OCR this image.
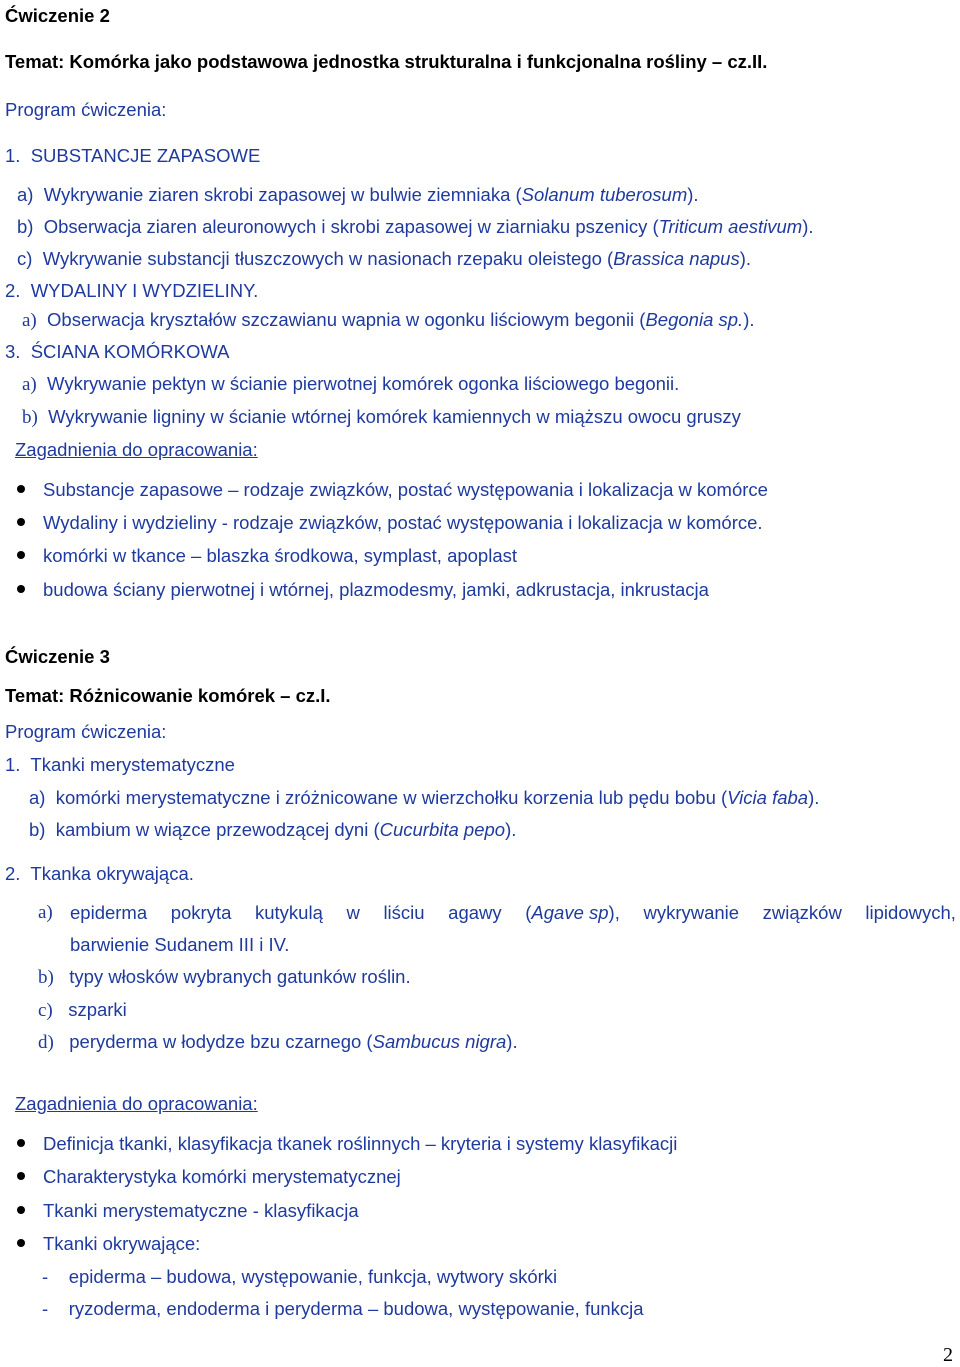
Ćwiczenie 2
Temat: Komórka jako podstawowa jednostka strukturalna i funkcjonalna rośliny – cz.II.
Program ćwiczenia:
1. SUBSTANCJE ZAPASOWE
a) Wykrywanie ziaren skrobi zapasowej w bulwie ziemniaka (Solanum tuberosum).
b) Obserwacja ziaren aleuronowych i skrobi zapasowej w ziarniaku pszenicy (Triticum aestivum).
c) Wykrywanie substancji tłuszczowych w nasionach rzepaku oleistego (Brassica napus).
2. WYDALINY I WYDZIELINY.
a) Obserwacja kryształów szczawianu wapnia w ogonku liściowym begonii (Begonia sp.).
3. ŚCIANA KOMÓRKOWA
a) Wykrywanie pektyn w ścianie pierwotnej komórek ogonka liściowego begonii.
b) Wykrywanie ligniny w ścianie wtórnej komórek kamiennych w miąższu owocu gruszy
Zagadnienia do opracowania:
Substancje zapasowe – rodzaje związków, postać występowania i lokalizacja w komórce
Wydaliny i wydzieliny - rodzaje związków, postać występowania i lokalizacja w komórce.
komórki w tkance – blaszka środkowa, symplast, apoplast
budowa ściany pierwotnej i wtórnej, plazmodesmy, jamki, adkrustacja, inkrustacja
Ćwiczenie 3
Temat: Różnicowanie komórek – cz.I.
Program ćwiczenia:
1. Tkanki merystematyczne
a) komórki merystematyczne i zróżnicowane w wierzchołku korzenia lub pędu bobu (Vicia faba).
b) kambium w wiązce przewodzącej dyni (Cucurbita pepo).
2. Tkanka okrywająca.
a) epiderma pokryta kutykulą w liściu agawy (Agave sp), wykrywanie związków lipidowych,
barwienie Sudanem III i IV.
b) typy włosków wybranych gatunków roślin.
c) szparki
d) peryderma w łodydze bzu czarnego (Sambucus nigra).
Zagadnienia do opracowania:
Definicja tkanki, klasyfikacja tkanek roślinnych – kryteria i systemy klasyfikacji
Charakterystyka komórki merystematycznej
Tkanki merystematyczne - klasyfikacja
Tkanki okrywające:
- epiderma – budowa, występowanie, funkcja, wytwory skórki
- ryzoderma, endoderma i peryderma – budowa, występowanie, funkcja
2
